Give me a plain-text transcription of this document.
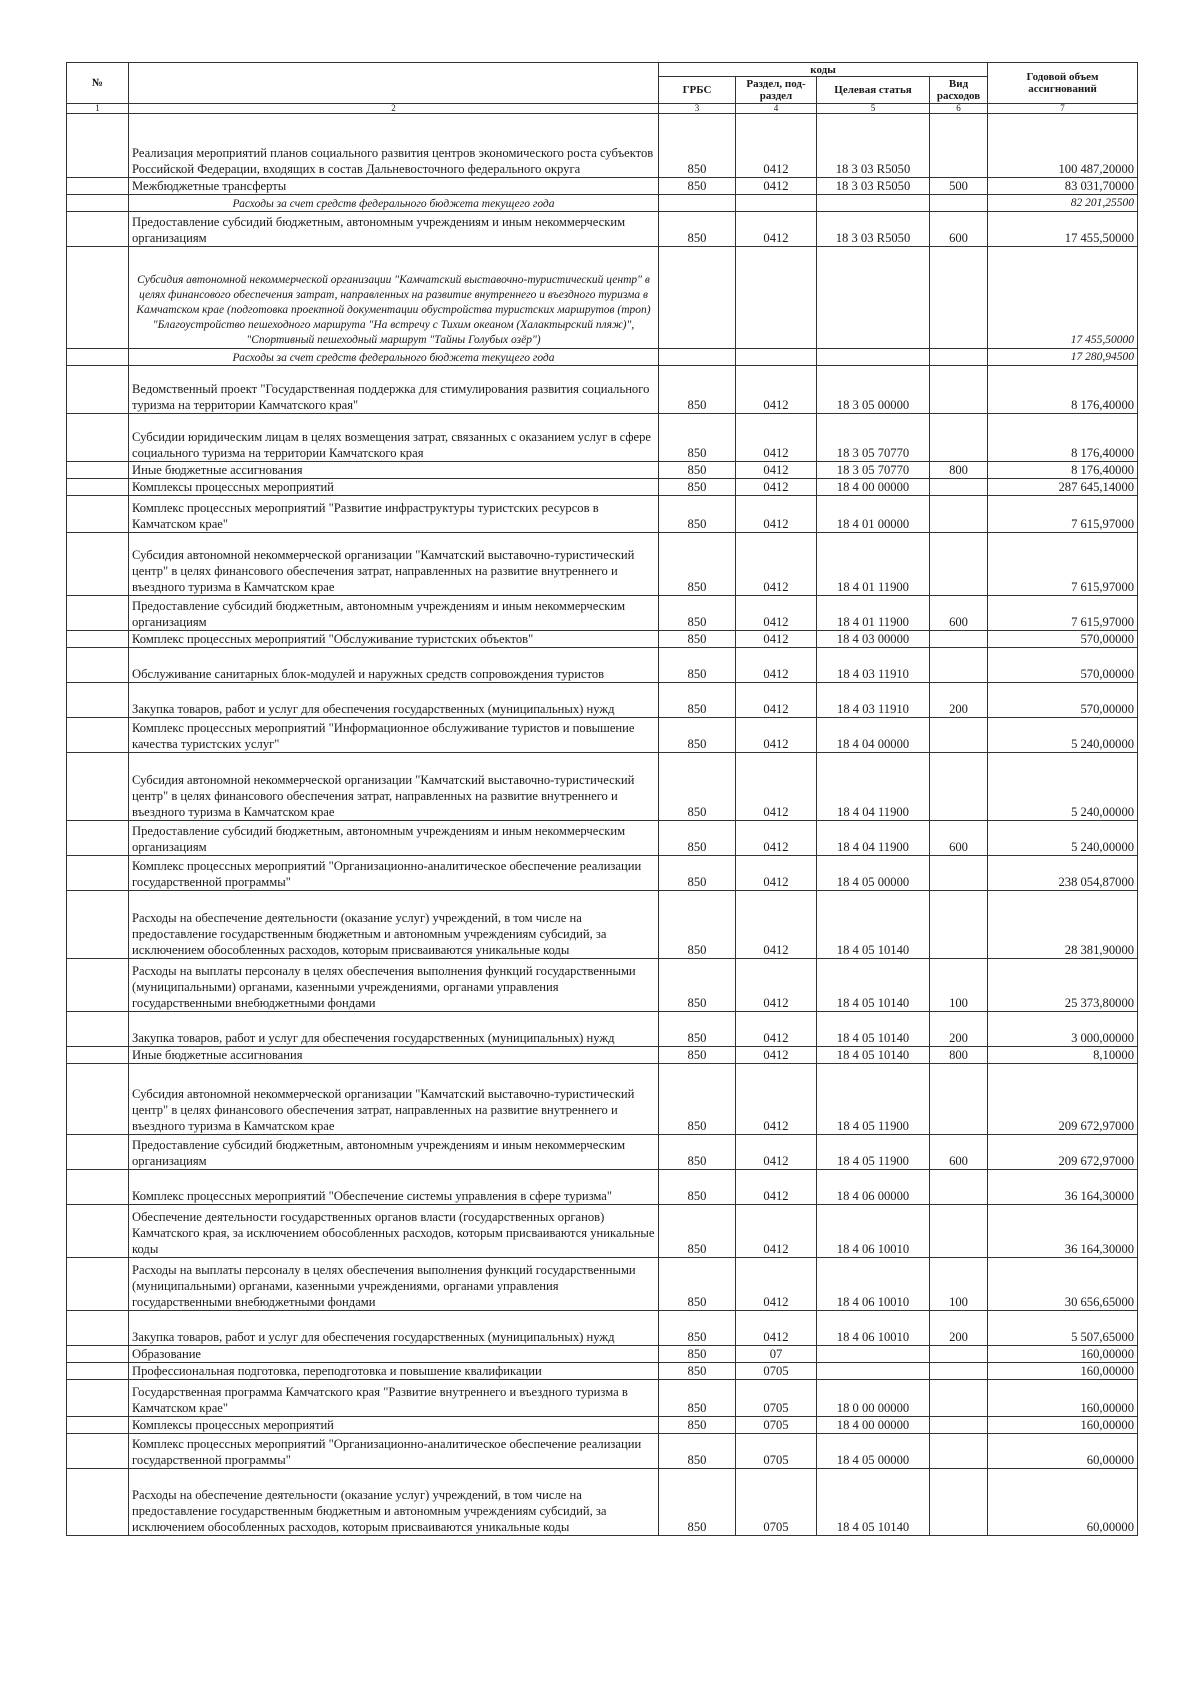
№		коды				Годовой объем ассигнований
		ГРБС	Раздел, под-раздел	Целевая статья	Вид расходов	
1	2	3	4	5	6	7
	Реализация мероприятий планов социального развития центров экономического роста субъектов Российской Федерации, входящих в состав Дальневосточного федерального округа	850	0412	18 3 03 R5050		100 487,20000
	Межбюджетные трансферты	850	0412	18 3 03 R5050	500	83 031,70000
	Расходы за счет средств федерального бюджета текущего года					82 201,25500
	Предоставление субсидий бюджетным, автономным учреждениям и иным некоммерческим организациям	850	0412	18 3 03 R5050	600	17 455,50000
	Субсидия автономной некоммерческой организации "Камчатский выставочно-туристический центр" в целях финансового обеспечения затрат, направленных на развитие внутреннего и въездного туризма в Камчатском крае (подготовка проектной документации обустройства туристских маршрутов (троп) "Благоустройство пешеходного маршрута "На встречу с Тихим океаном (Халактырский пляж)", "Спортивный пешеходный маршрут "Тайны Голубых озёр")					17 455,50000
	Расходы за счет средств федерального бюджета текущего года					17 280,94500
	Ведомственный проект "Государственная поддержка для стимулирования развития социального туризма на территории Камчатского края"	850	0412	18 3 05 00000		8 176,40000
	Субсидии юридическим лицам в целях возмещения затрат, связанных с оказанием услуг в сфере социального туризма на территории Камчатского края	850	0412	18 3 05 70770		8 176,40000
	Иные бюджетные ассигнования	850	0412	18 3 05 70770	800	8 176,40000
	Комплексы процессных мероприятий	850	0412	18 4 00 00000		287 645,14000
	Комплекс процессных мероприятий "Развитие инфраструктуры туристских ресурсов в Камчатском крае"	850	0412	18 4 01 00000		7 615,97000
	Субсидия автономной некоммерческой организации "Камчатский выставочно-туристический центр" в целях финансового обеспечения затрат, направленных на развитие внутреннего и въездного туризма в Камчатском крае	850	0412	18 4 01 11900		7 615,97000
	Предоставление субсидий бюджетным, автономным учреждениям и иным некоммерческим организациям	850	0412	18 4 01 11900	600	7 615,97000
	Комплекс процессных мероприятий "Обслуживание туристских объектов"	850	0412	18 4 03 00000		570,00000
	Обслуживание санитарных блок-модулей и наружных средств сопровождения туристов	850	0412	18 4 03 11910		570,00000
	Закупка товаров, работ и услуг для обеспечения государственных (муниципальных) нужд	850	0412	18 4 03 11910	200	570,00000
	Комплекс процессных мероприятий "Информационное обслуживание туристов и повышение качества туристских услуг"	850	0412	18 4 04 00000		5 240,00000
	Субсидия автономной некоммерческой организации "Камчатский выставочно-туристический центр" в целях финансового обеспечения затрат, направленных на развитие внутреннего и въездного туризма в Камчатском крае	850	0412	18 4 04 11900		5 240,00000
	Предоставление субсидий бюджетным, автономным учреждениям и иным некоммерческим организациям	850	0412	18 4 04 11900	600	5 240,00000
	Комплекс процессных мероприятий "Организационно-аналитическое обеспечение реализации государственной программы"	850	0412	18 4 05 00000		238 054,87000
	Расходы на обеспечение деятельности (оказание услуг) учреждений, в том числе на предоставление государственным бюджетным и автономным учреждениям субсидий, за исключением обособленных расходов, которым присваиваются уникальные коды	850	0412	18 4 05 10140		28 381,90000
	Расходы на выплаты персоналу в целях обеспечения выполнения функций государственными (муниципальными) органами, казенными учреждениями, органами управления государственными внебюджетными фондами	850	0412	18 4 05 10140	100	25 373,80000
	Закупка товаров, работ и услуг для обеспечения государственных (муниципальных) нужд	850	0412	18 4 05 10140	200	3 000,00000
	Иные бюджетные ассигнования	850	0412	18 4 05 10140	800	8,10000
	Субсидия автономной некоммерческой организации "Камчатский выставочно-туристический центр" в целях финансового обеспечения затрат, направленных на развитие внутреннего и въездного туризма в Камчатском крае	850	0412	18 4 05 11900		209 672,97000
	Предоставление субсидий бюджетным, автономным учреждениям и иным некоммерческим организациям	850	0412	18 4 05 11900	600	209 672,97000
	Комплекс процессных мероприятий "Обеспечение системы управления в сфере туризма"	850	0412	18 4 06 00000		36 164,30000
	Обеспечение деятельности государственных органов власти (государственных органов) Камчатского края, за исключением обособленных расходов, которым присваиваются уникальные коды	850	0412	18 4 06 10010		36 164,30000
	Расходы на выплаты персоналу в целях обеспечения выполнения функций государственными (муниципальными) органами, казенными учреждениями, органами управления государственными внебюджетными фондами	850	0412	18 4 06 10010	100	30 656,65000
	Закупка товаров, работ и услуг для обеспечения государственных (муниципальных) нужд	850	0412	18 4 06 10010	200	5 507,65000
	Образование	850	07			160,00000
	Профессиональная подготовка, переподготовка и повышение квалификации	850	0705			160,00000
	Государственная программа Камчатского края "Развитие внутреннего и въездного туризма в Камчатском крае"	850	0705	18 0 00 00000		160,00000
	Комплексы процессных мероприятий	850	0705	18 4 00 00000		160,00000
	Комплекс процессных мероприятий "Организационно-аналитическое обеспечение реализации государственной программы"	850	0705	18 4 05 00000		60,00000
	Расходы на обеспечение деятельности (оказание услуг) учреждений, в том числе на предоставление государственным бюджетным и автономным учреждениям субсидий, за исключением обособленных расходов, которым присваиваются уникальные коды	850	0705	18 4 05 10140		60,00000
